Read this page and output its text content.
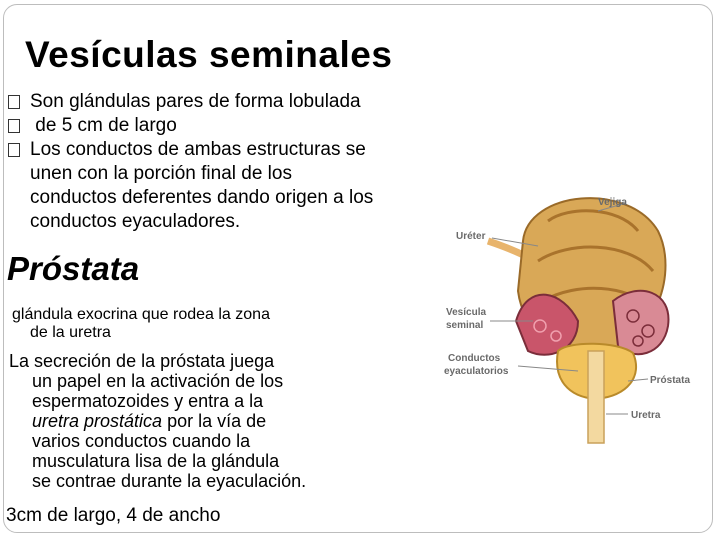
Vesículas seminales
Son glándulas pares de forma lobulada
de 5 cm de largo
Los conductos de ambas estructuras se
unen con la porción final de los
conductos deferentes dando origen a los
conductos eyaculadores.
Próstata
glándula exocrina que rodea la zona
de la uretra
La secreción de la próstata juega
un papel en la activación de los
espermatozoides y entra a la
uretra prostática por la vía de
varios conductos cuando la
musculatura lisa de la glándula
se contrae durante la eyaculación.
3cm de largo, 4 de ancho
Vejiga
Uréter
Vesícula
seminal
Conductos
eyaculatorios
Próstata
Uretra
